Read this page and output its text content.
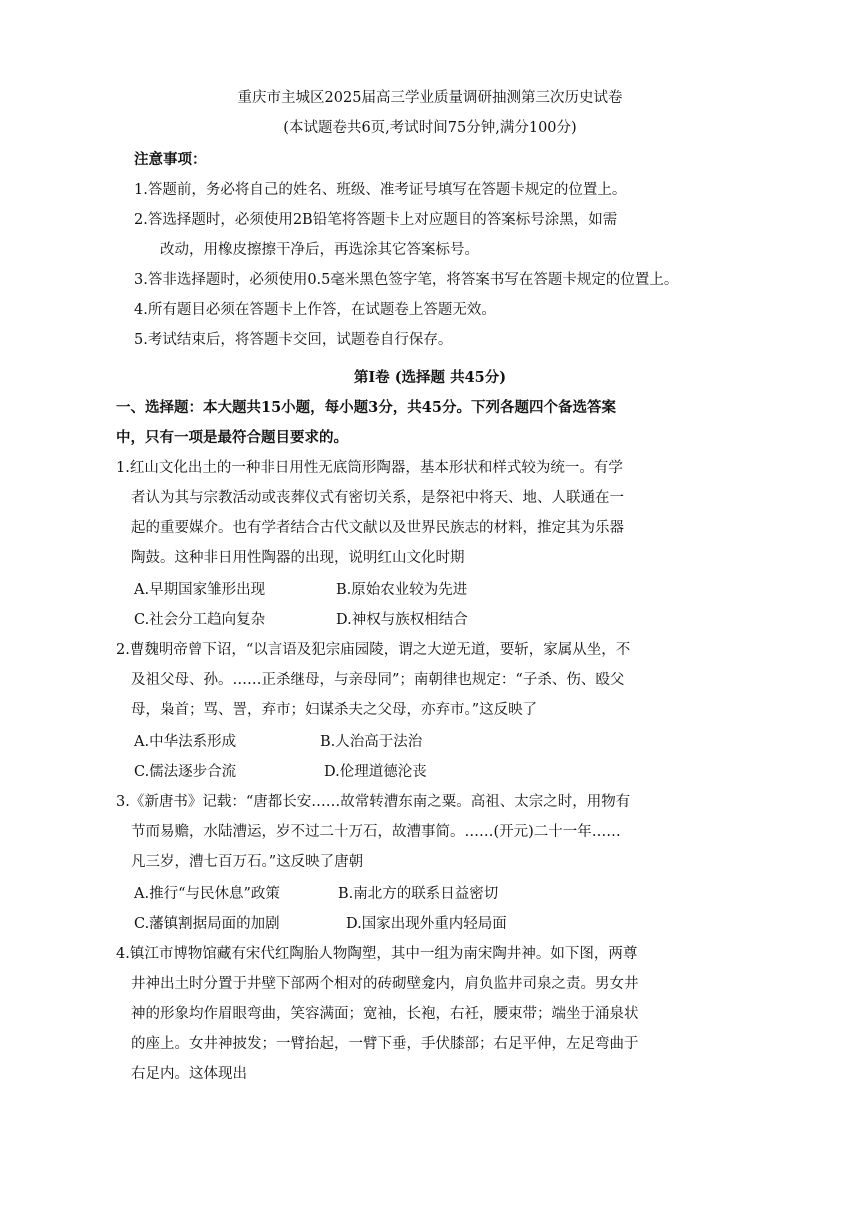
重庆市主城区2025届高三学业质量调研抽测第三次历史试卷
(本试题卷共6页,考试时间75分钟,满分100分)
注意事项：
1.答题前，务必将自己的姓名、班级、准考证号填写在答题卡规定的位置上。
2.答选择题时，必须使用2B铅笔将答题卡上对应题目的答案标号涂黑，如需
改动，用橡皮擦擦干净后，再选涂其它答案标号。
3.答非选择题时，必须使用0.5毫米黑色签字笔，将答案书写在答题卡规定的位置上。
4.所有题目必须在答题卡上作答，在试题卷上答题无效。
5.考试结束后，将答题卡交回，试题卷自行保存。
第Ⅰ卷 (选择题 共45分)
一、选择题：本大题共15小题，每小题3分，共45分。下列各题四个备选答案
中，只有一项是最符合题目要求的。
1.红山文化出土的一种非日用性无底筒形陶器，基本形状和样式较为统一。有学
者认为其与宗教活动或丧葬仪式有密切关系，是祭祀中将天、地、人联通在一
起的重要媒介。也有学者结合古代文献以及世界民族志的材料，推定其为乐器
陶鼓。这种非日用性陶器的出现，说明红山文化时期
A.早期国家雏形出现	B.原始农业较为先进
C.社会分工趋向复杂	D.神权与族权相结合
2.曹魏明帝曾下诏，“以言语及犯宗庙园陵，谓之大逆无道，要斩，家属从坐，不
及祖父母、孙。……正杀继母，与亲母同”；南朝律也规定：“子杀、伤、殴父
母，枭首；骂、詈，弃市；妇谋杀夫之父母，亦弃市。”这反映了
A.中华法系形成	B.人治高于法治
C.儒法逐步合流	D.伦理道德沦丧
3.《新唐书》记载：“唐都长安……故常转漕东南之粟。高祖、太宗之时，用物有
节而易赡，水陆漕运，岁不过二十万石，故漕事简。……(开元)二十一年……
凡三岁，漕七百万石。”这反映了唐朝
A.推行“与民休息”政策	B.南北方的联系日益密切
C.藩镇割据局面的加剧	D.国家出现外重内轻局面
4.镇江市博物馆藏有宋代红陶胎人物陶塑，其中一组为南宋陶井神。如下图，两尊
井神出土时分置于井壁下部两个相对的砖砌壁龛内，肩负监井司泉之责。男女井
神的形象均作眉眼弯曲，笑容满面；宽袖，长袍，右衽，腰束带；端坐于涌泉状
的座上。女井神披发；一臂抬起，一臂下垂，手伏膝部；右足平伸，左足弯曲于
右足内。这体现出
